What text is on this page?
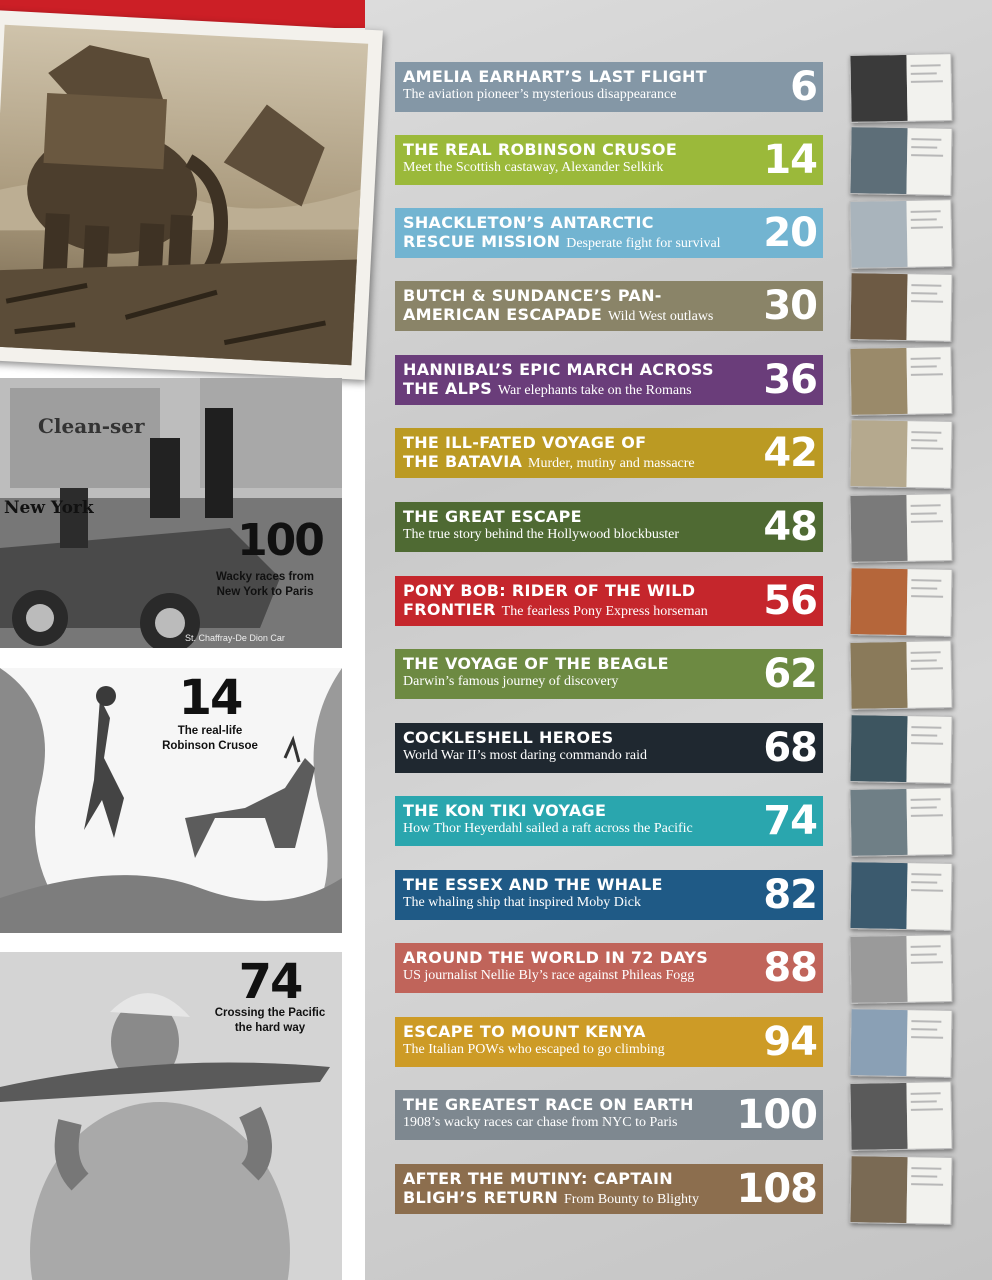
Clean-ser
New York
St. Chaffray-De Dion Car
100
Wacky races from New York to Paris
14
The real-life Robinson Crusoe
74
Crossing the Pacific the hard way
AMELIA EARHART’S LAST FLIGHT
The aviation pioneer’s mysterious disappearance	6
THE REAL ROBINSON CRUSOE
Meet the Scottish castaway, Alexander Selkirk	14
SHACKLETON’S ANTARCTIC
RESCUE MISSION Desperate fight for survival	20
BUTCH & SUNDANCE’S PAN-
AMERICAN ESCAPADE Wild West outlaws	30
HANNIBAL’S EPIC MARCH ACROSS
THE ALPS War elephants take on the Romans	36
THE ILL-FATED VOYAGE OF
THE BATAVIA Murder, mutiny and massacre	42
THE GREAT ESCAPE
The true story behind the Hollywood blockbuster	48
PONY BOB: RIDER OF THE WILD
FRONTIER The fearless Pony Express horseman	56
THE VOYAGE OF THE BEAGLE
Darwin’s famous journey of discovery	62
COCKLESHELL HEROES
World War II’s most daring commando raid	68
THE KON TIKI VOYAGE
How Thor Heyerdahl sailed a raft across the Pacific	74
THE ESSEX AND THE WHALE
The whaling ship that inspired Moby Dick	82
AROUND THE WORLD IN 72 DAYS
US journalist Nellie Bly’s race against Phileas Fogg	88
ESCAPE TO MOUNT KENYA
The Italian POWs who escaped to go climbing	94
THE GREATEST RACE ON EARTH
1908’s wacky races car chase from NYC to Paris	100
AFTER THE MUTINY: CAPTAIN
BLIGH’S RETURN From Bounty to Blighty 108
